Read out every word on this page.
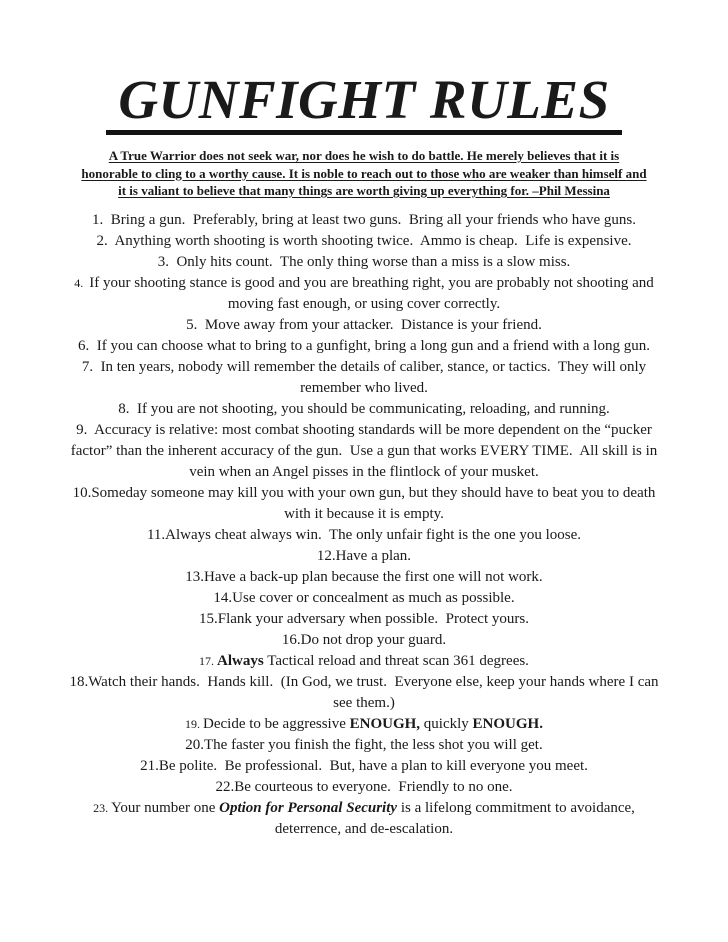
GUNFIGHT RULES
A True Warrior does not seek war, nor does he wish to do battle. He merely believes that it is
honorable to cling to a worthy cause. It is noble to reach out to those who are weaker than himself and
it is valiant to believe that many things are worth giving up everything for. –Phil Messina

1.  Bring a gun.  Preferably, bring at least two guns.  Bring all your friends who have guns.

2.  Anything worth shooting is worth shooting twice.  Ammo is cheap.  Life is expensive.

3.  Only hits count.  The only thing worse than a miss is a slow miss.

4.  If your shooting stance is good and you are breathing right, you are probably not shooting and moving fast enough, or using cover correctly.

5.  Move away from your attacker.  Distance is your friend.

6.  If you can choose what to bring to a gunfight, bring a long gun and a friend with a long gun.

7.  In ten years, nobody will remember the details of caliber, stance, or tactics.  They will only remember who lived.

8.  If you are not shooting, you should be communicating, reloading, and running.

9.  Accuracy is relative: most combat shooting standards will be more dependent on the “pucker factor” than the inherent accuracy of the gun.  Use a gun that works EVERY TIME.  All skill is in vein when an Angel pisses in the flintlock of your musket.

10.Someday someone may kill you with your own gun, but they should have to beat you to death with it because it is empty.

11.Always cheat always win.  The only unfair fight is the one you loose.

12.Have a plan.

13.Have a back-up plan because the first one will not work.

14.Use cover or concealment as much as possible.

15.Flank your adversary when possible.  Protect yours.

16.Do not drop your guard.

17. Always Tactical reload and threat scan 361 degrees.

18.Watch their hands.  Hands kill.  (In God, we trust.  Everyone else, keep your hands where I can see them.)

19. Decide to be aggressive ENOUGH, quickly ENOUGH.

20.The faster you finish the fight, the less shot you will get.

21.Be polite.  Be professional.  But, have a plan to kill everyone you meet.

22.Be courteous to everyone.  Friendly to no one.

23. Your number one Option for Personal Security is a lifelong commitment to avoidance, deterrence, and de-escalation.
